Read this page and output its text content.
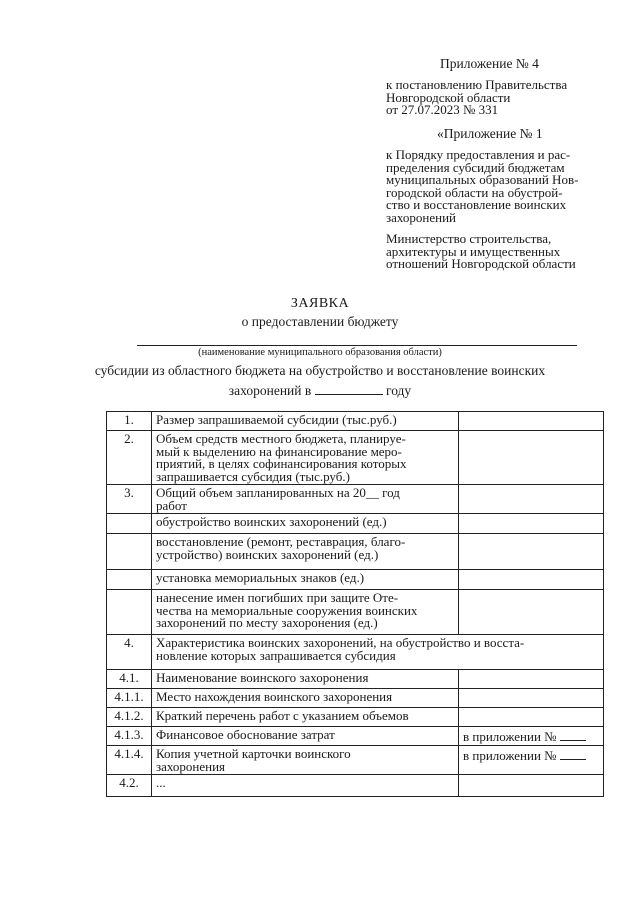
Приложение № 4
к постановлению Правительства
Новгородской области
от 27.07.2023 № 331
«Приложение № 1
к Порядку предоставления и рас-
пределения субсидий бюджетам
муниципальных образований Нов-
городской области на обустрой-
ство и восстановление воинских
захоронений
Министерство строительства,
архитектуры и имущественных
отношений Новгородской области
ЗАЯВКА
о предоставлении бюджету
(наименование муниципального образования области)
субсидии из областного бюджета на обустройство и восстановление воинских
захоронений в	году
1.	Размер запрашиваемой субсидии (тыс.руб.)	

2.	Объем средств местного бюджета, планируе-
мый к выделению на финансирование меро-
приятий, в целях софинансирования которых
запрашивается субсидия (тыс.руб.)	

3.	Общий объем запланированных на 20__ год
работ	

	обустройство воинских захоронений (ед.)	

	восстановление (ремонт, реставрация, благо-
устройство) воинских захоронений (ед.)	

	установка мемориальных знаков (ед.)	

	нанесение имен погибших при защите Оте-
чества на мемориальные сооружения воинских
захоронений по месту захоронения (ед.)	

4.	Характеристика воинских захоронений, на обустройство и восста-
новление которых запрашивается субсидия	

4.1.	Наименование воинского захоронения	

4.1.1.	Место нахождения воинского захоронения	

4.1.2.	Краткий перечень работ с указанием объемов	

4.1.3.	Финансовое обоснование затрат	в приложении №
4.1.4.	Копия учетной карточки воинского
захоронения	в приложении №
4.2.	...	
